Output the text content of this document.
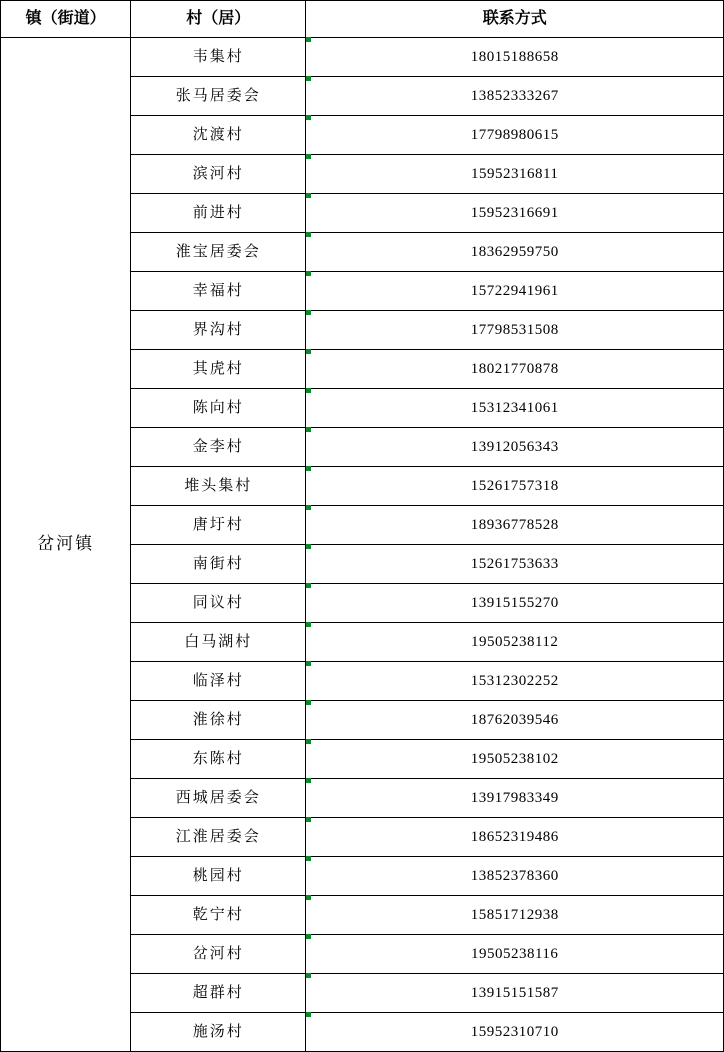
镇（街道）	村（居）	联系方式
岔河镇	韦集村	18015188658
	张马居委会	13852333267
	沈渡村	17798980615
	滨河村	15952316811
	前进村	15952316691
	淮宝居委会	18362959750
	幸福村	15722941961
	界沟村	17798531508
	其虎村	18021770878
	陈向村	15312341061
	金李村	13912056343
	堆头集村	15261757318
	唐圩村	18936778528
	南街村	15261753633
	同议村	13915155270
	白马湖村	19505238112
	临泽村	15312302252
	淮徐村	18762039546
	东陈村	19505238102
	西城居委会	13917983349
	江淮居委会	18652319486
	桃园村	13852378360
	乾宁村	15851712938
	岔河村	19505238116
	超群村	13915151587
	施汤村	15952310710
